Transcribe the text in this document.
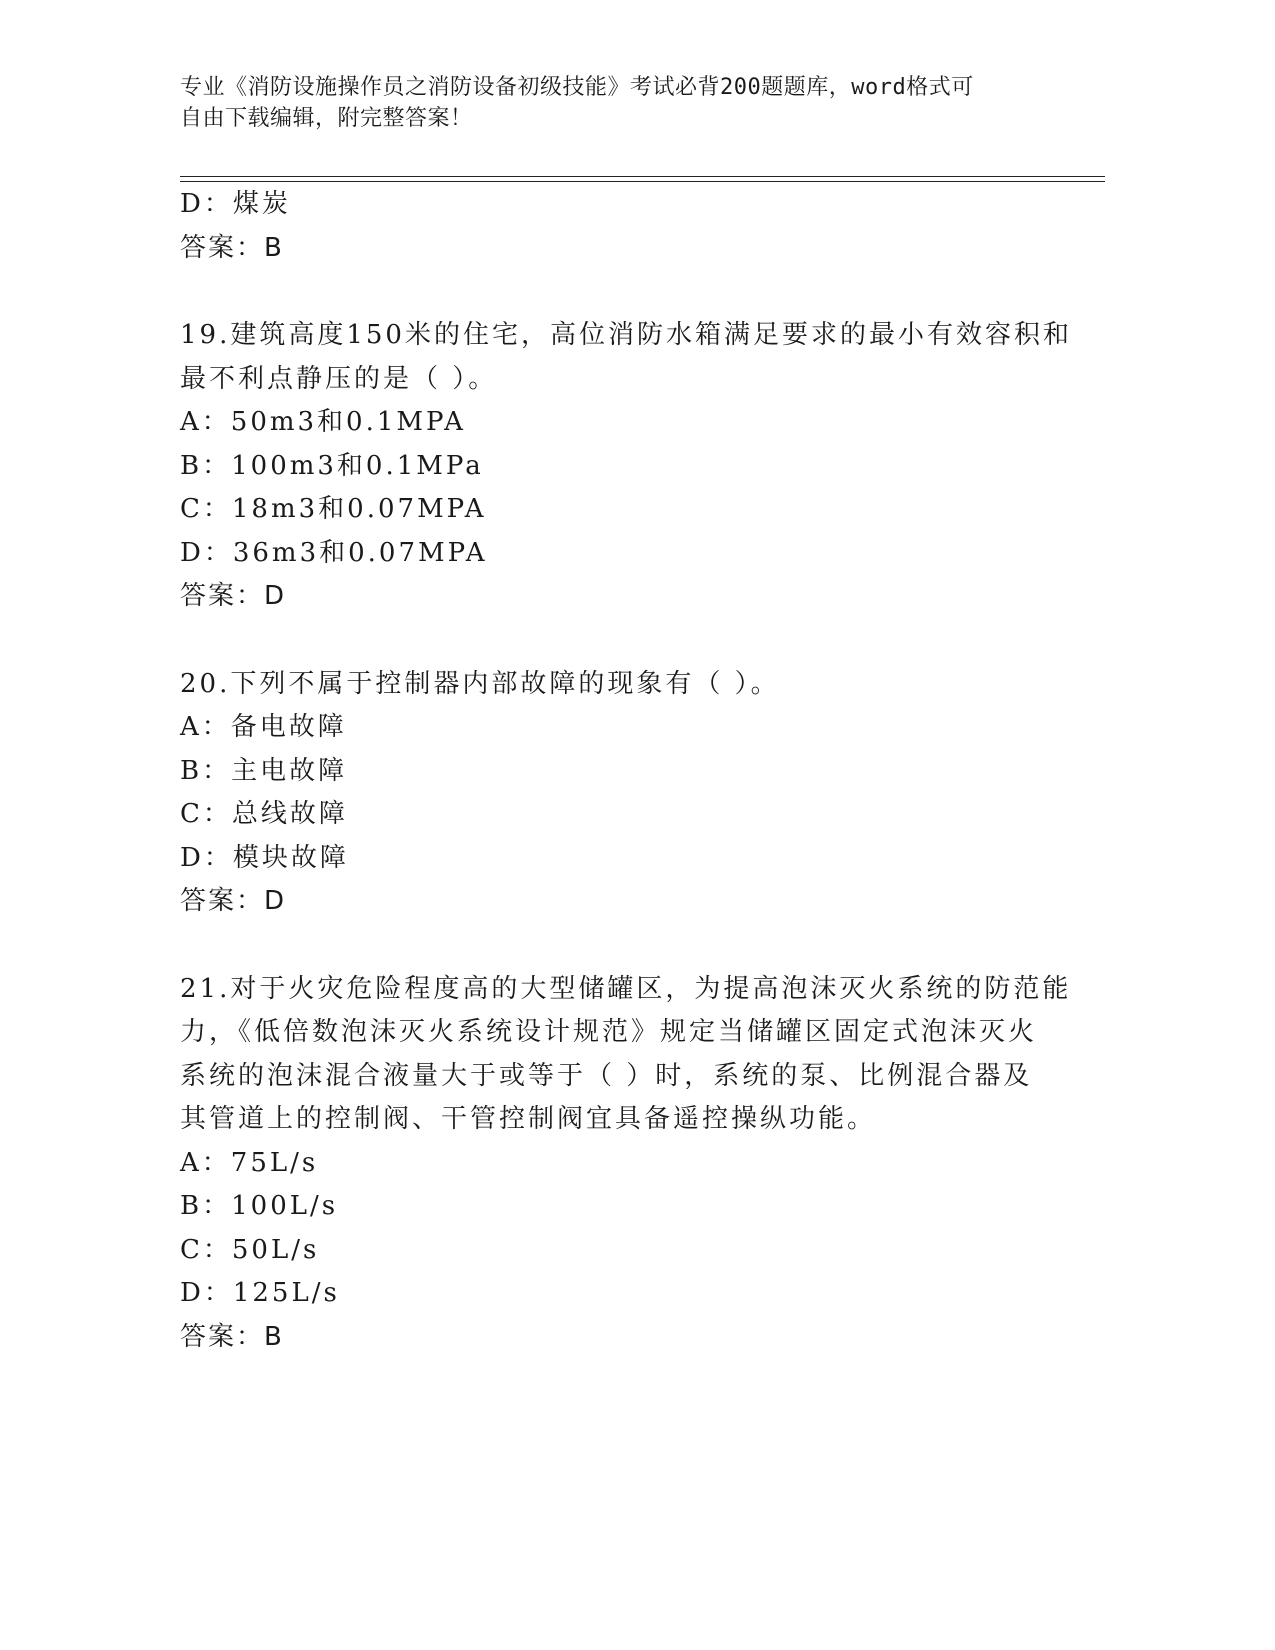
专业《消防设施操作员之消防设备初级技能》考试必背200题题库，word格式可
自由下载编辑，附完整答案！
D：煤炭
答案：B
19.建筑高度150米的住宅，高位消防水箱满足要求的最小有效容积和
最不利点静压的是（ ）。
A：50m3和0.1MPA
B：100m3和0.1MPa
C：18m3和0.07MPA
D：36m3和0.07MPA
答案：D
20.下列不属于控制器内部故障的现象有（ ）。
A：备电故障
B：主电故障
C：总线故障
D：模块故障
答案：D
21.对于火灾危险程度高的大型储罐区，为提高泡沫灭火系统的防范能
力，《低倍数泡沫灭火系统设计规范》规定当储罐区固定式泡沫灭火
系统的泡沫混合液量大于或等于（ ）时，系统的泵、比例混合器及
其管道上的控制阀、干管控制阀宜具备遥控操纵功能。
A：75L/s
B：100L/s
C：50L/s
D：125L/s
答案：B
